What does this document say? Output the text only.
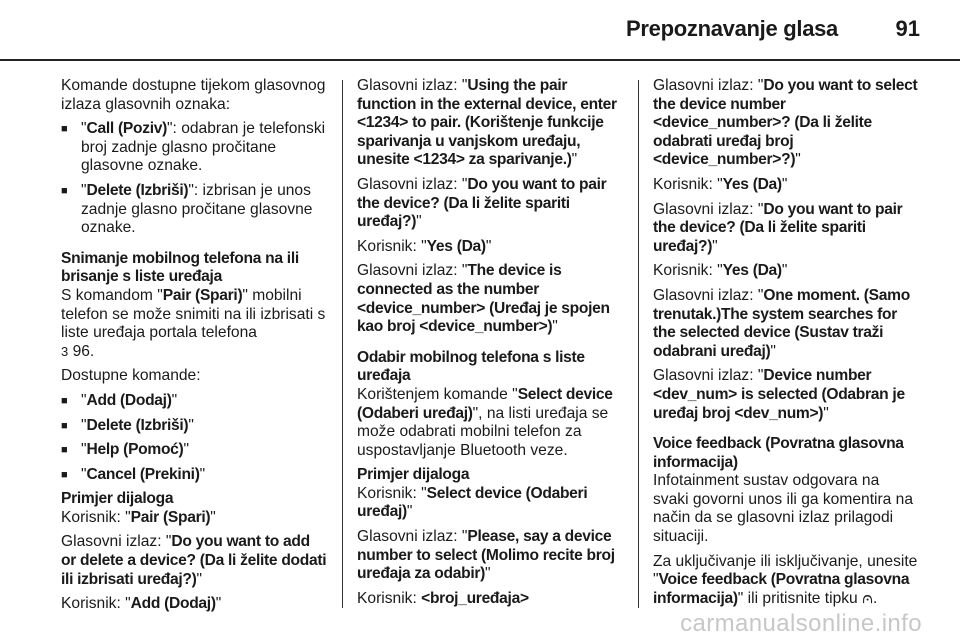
Prepoznavanje glasa	91

Komande dostupne tijekom glasovnog izlaza glasovnih oznaka:

■ "Call (Poziv)": odabran je telefonski broj zadnje glasno pročitane glasovne oznake.
■ "Delete (Izbriši)": izbrisan je unos zadnje glasno pročitane glasovne oznake.
Snimanje mobilnog telefona na ili brisanje s liste uređaja

S komandom "Pair (Spari)" mobilni telefon se može snimiti na ili izbrisati s liste uređaja portala telefona
3 96.

Dostupne komande:

■ "Add (Dodaj)"
■ "Delete (Izbriši)"
■ "Help (Pomoć)"
■ "Cancel (Prekini)"
Primjer dijaloga

Korisnik: "Pair (Spari)"

Glasovni izlaz: "Do you want to add or delete a device? (Da li želite dodati ili izbrisati uređaj?)"

Korisnik: "Add (Dodaj)"

Glasovni izlaz: "Using the pair function in the external device, enter <1234> to pair. (Korištenje funkcije sparivanja u vanjskom uređaju, unesite <1234> za sparivanje.)"

Glasovni izlaz: "Do you want to pair the device? (Da li želite spariti uređaj?)"

Korisnik: "Yes (Da)"

Glasovni izlaz: "The device is connected as the number <device_number> (Uređaj je spojen kao broj <device_number>)"

Odabir mobilnog telefona s liste uređaja

Korištenjem komande "Select device (Odaberi uređaj)", na listi uređaja se može odabrati mobilni telefon za uspostavljanje Bluetooth veze.

Primjer dijaloga

Korisnik: "Select device (Odaberi uređaj)"

Glasovni izlaz: "Please, say a device number to select (Molimo recite broj uređaja za odabir)"

Korisnik: <broj_uređaja>

Glasovni izlaz: "Do you want to select the device number <device_number>? (Da li želite odabrati uređaj broj <device_number>?)"

Korisnik: "Yes (Da)"

Glasovni izlaz: "Do you want to pair the device? (Da li želite spariti uređaj?)"

Korisnik: "Yes (Da)"

Glasovni izlaz: "One moment. (Samo trenutak.)The system searches for the selected device (Sustav traži odabrani uređaj)"

Glasovni izlaz: "Device number <dev_num> is selected (Odabran je uređaj broj <dev_num>)"

Voice feedback (Povratna glasovna informacija)

Infotainment sustav odgovara na svaki govorni unos ili ga komentira na način da se glasovni izlaz prilagodi situaciji.

Za uključivanje ili isključivanje, unesite "Voice feedback (Povratna glasovna informacija)" ili pritisnite tipku ⩀.

carmanualsonline.info
